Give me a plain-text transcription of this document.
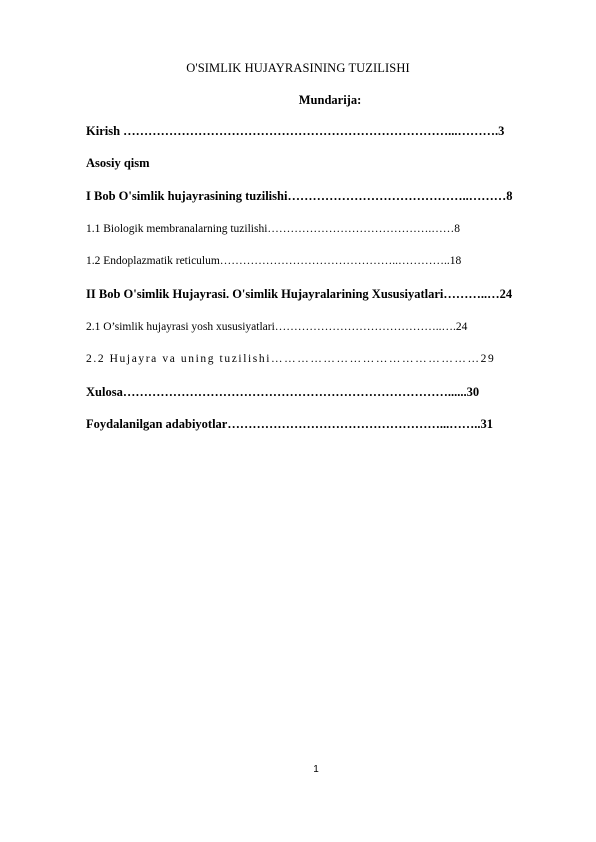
O'SIMLIK HUJAYRASINING TUZILISHI
Mundarija:
Kirish ……………………………………………………………………...……….3
Asosiy qism
I Bob O'simlik hujayrasining tuzilishi……………………………………..………8
1.1 Biologik membranalarning tuzilishi…………………………………….……8
1.2 Endoplazmatik reticulum………………………………………..…………..18
II Bob O'simlik Hujayrasi. O'simlik Hujayralarining Xususiyatlari………..…24
2.1 O’simlik hujayrasi yosh xususiyatlari……………………………………..….24
2.2 Hujayra va uning tuzilishi…………………………………………29
Xulosa……………………………………………………………………......30
Foydalanilgan adabiyotlar……………………………………………...……..31
1
